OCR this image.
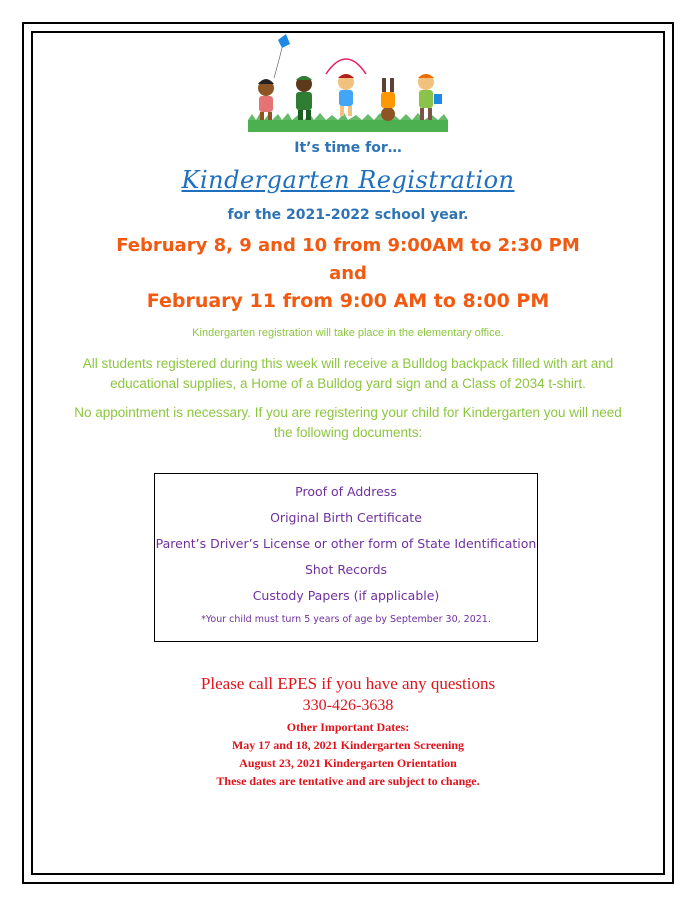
It’s time for…
Kindergarten Registration
for the 2021-2022 school year.
February 8, 9 and 10 from 9:00AM to 2:30 PM
and
February 11 from 9:00 AM to 8:00 PM
Kindergarten registration will take place in the elementary office.
All students registered during this week will receive a Bulldog backpack filled with art and educational supplies, a Home of a Bulldog yard sign and a Class of 2034 t-shirt.
No appointment is necessary. If you are registering your child for Kindergarten you will need the following documents:
Proof of Address
Original Birth Certificate
Parent’s Driver’s License or other form of State Identification
Shot Records
Custody Papers (if applicable)
*Your child must turn 5 years of age by September 30, 2021.
Please call EPES if you have any questions
330-426-3638
Other Important Dates:
May 17 and 18, 2021 Kindergarten Screening
August 23, 2021 Kindergarten Orientation
These dates are tentative and are subject to change.
